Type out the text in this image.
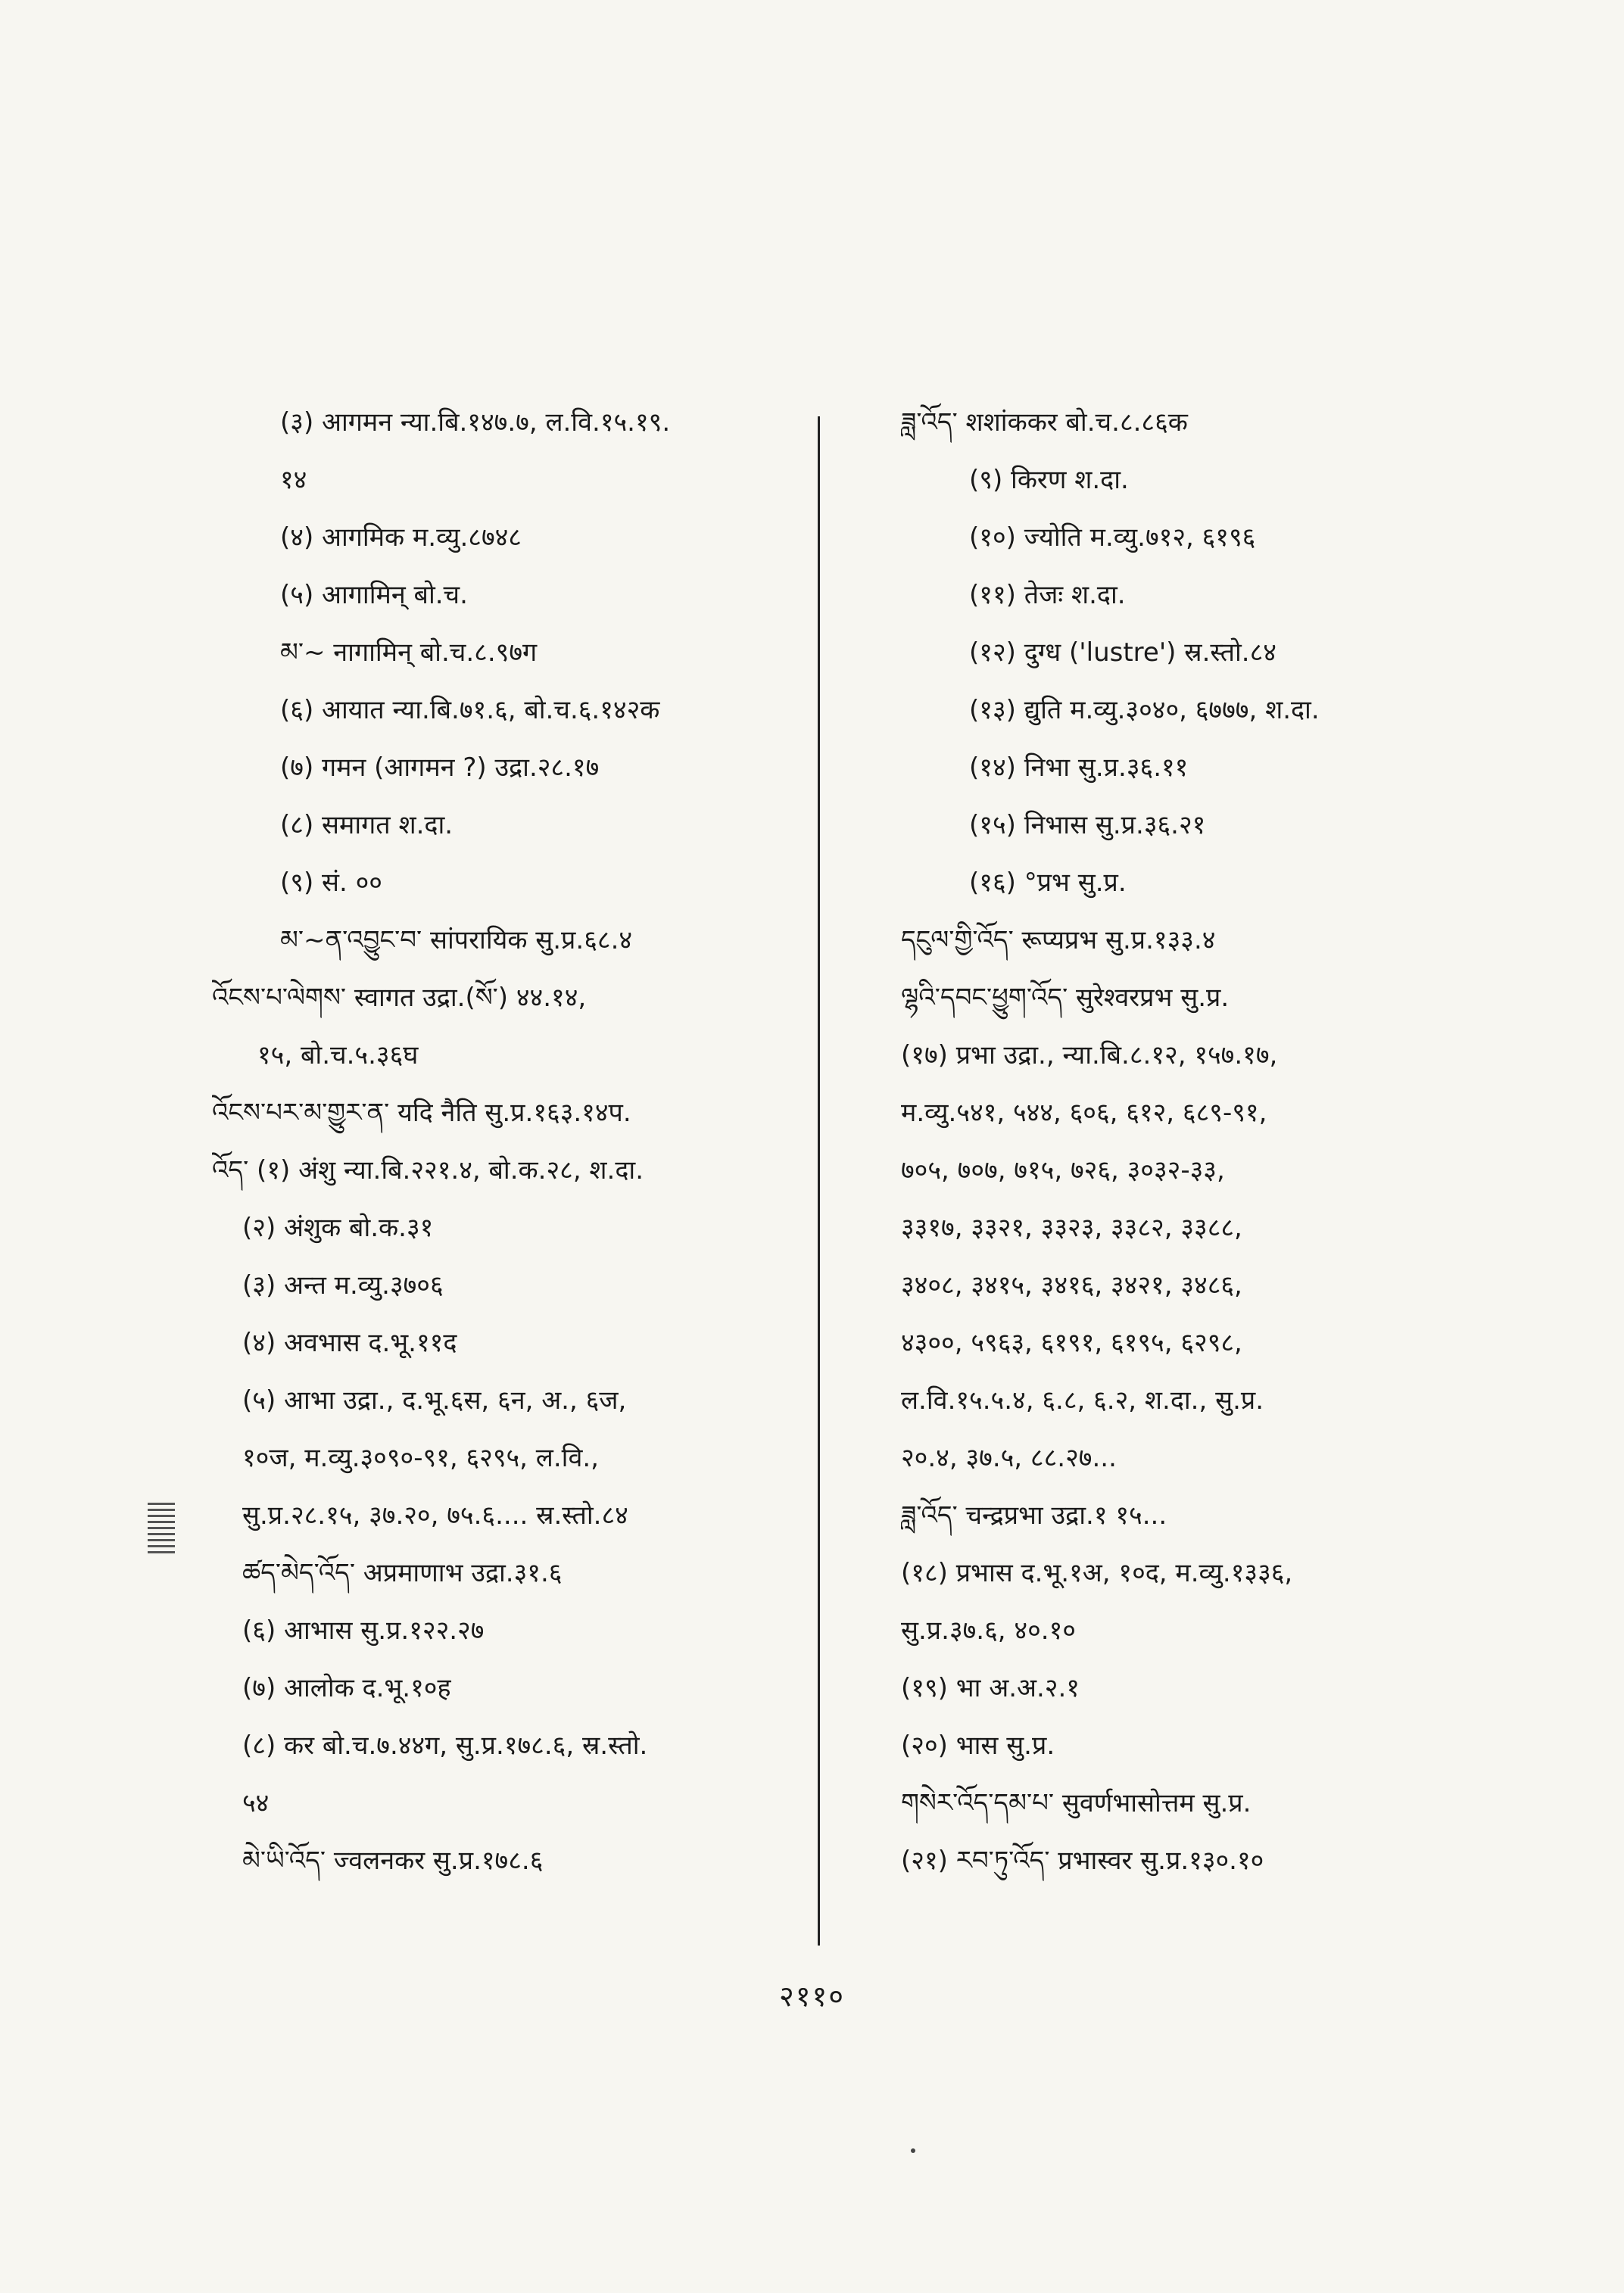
(३) आगमन न्या.बि.१४७.७, ल.वि.१५.१९.
१४
(४) आगमिक म.व्यु.८७४८
(५) आगामिन् बो.च.
མ་~ नागामिन् बो.च.८.९७ग
(६) आयात न्या.बि.७१.६, बो.च.६.१४२क
(७) गमन (आगमन ?) उद्रा.२८.१७
(८) समागत श.दा.
(९) सं. ००
མ་~ན་འབྱུང་བ་ सांपरायिक सु.प्र.६८.४
འོངས་པ་ལེགས་ स्वागत उद्रा.(སོ་) ४४.१४,
१५, बो.च.५.३६घ
འོངས་པར་མ་གྱུར་ན་ यदि नैति सु.प्र.१६३.१४प.
འོད་ (१) अंशु न्या.बि.२२१.४, बो.क.२८, श.दा.
(२) अंशुक बो.क.३१
(३) अन्त म.व्यु.३७०६
(४) अवभास द.भू.११द
(५) आभा उद्रा., द.भू.६स, ६न, अ., ६ज,
१०ज, म.व्यु.३०९०-९१, ६२९५, ल.वि.,
सु.प्र.२८.१५, ३७.२०, ७५.६.... स्र.स्तो.८४
ཚད་མེད་འོད་ अप्रमाणाभ उद्रा.३१.६
(६) आभास सु.प्र.१२२.२७
(७) आलोक द.भू.१०ह
(८) कर बो.च.७.४४ग, सु.प्र.१७८.६, स्र.स्तो.
५४
མེ་ཡི་འོད་ ज्वलनकर सु.प्र.१७८.६
ཟླ་འོད་ शशांककर बो.च.८.८६क
(९) किरण श.दा.
(१०) ज्योति म.व्यु.७१२, ६१९६
(११) तेजः श.दा.
(१२) दुग्ध ('lustre') स्र.स्तो.८४
(१३) द्युति म.व्यु.३०४०, ६७७७, श.दा.
(१४) निभा सु.प्र.३६.११
(१५) निभास सु.प्र.३६.२१
(१६) °प्रभ सु.प्र.
དངུལ་གྱི་འོད་ रूप्यप्रभ सु.प्र.१३३.४
ལྷའི་དབང་ཕྱུག་འོད་ सुरेश्वरप्रभ सु.प्र.
(१७) प्रभा उद्रा., न्या.बि.८.१२, १५७.१७,
म.व्यु.५४१, ५४४, ६०६, ६१२, ६८९-९१,
७०५, ७०७, ७१५, ७२६, ३०३२-३३,
३३१७, ३३२१, ३३२३, ३३८२, ३३८८,
३४०८, ३४१५, ३४१६, ३४२१, ३४८६,
४३००, ५९६३, ६१९१, ६१९५, ६२९८,
ल.वि.१५.५.४, ६.८, ६.२, श.दा., सु.प्र.
२०.४, ३७.५, ८८.२७...
ཟླ་འོད་ चन्द्रप्रभा उद्रा.१ १५...
(१८) प्रभास द.भू.१अ, १०द, म.व्यु.१३३६,
सु.प्र.३७.६, ४०.१०
(१९) भा अ.अ.२.१
(२०) भास सु.प्र.
གསེར་འོད་དམ་པ་ सुवर्णभासोत्तम सु.प्र.
(२१) རབ་ཏུ་འོད་ प्रभास्वर सु.प्र.१३०.१०
२११०
